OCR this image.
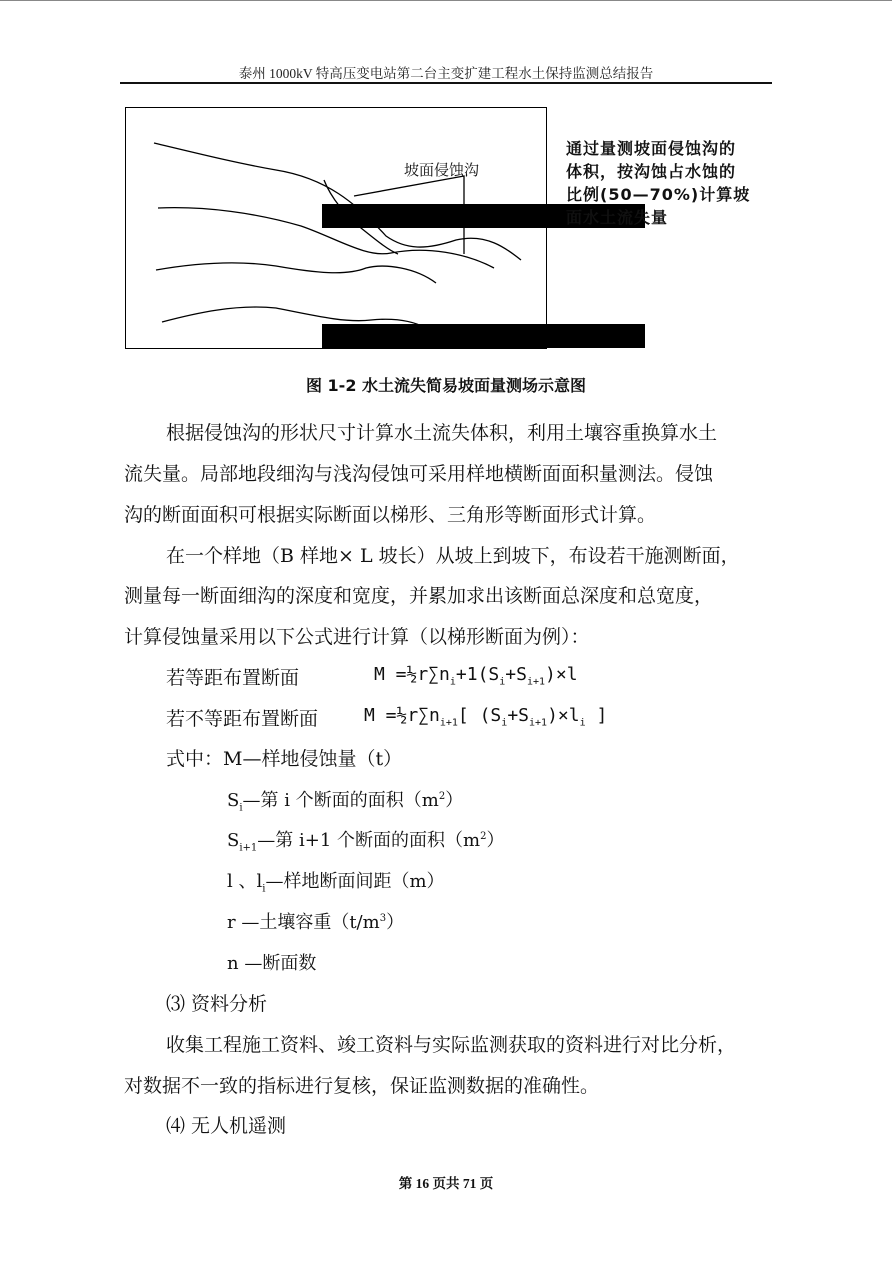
泰州 1000kV 特高压变电站第二台主变扩建工程水土保持监测总结报告
坡面侵蚀沟
通过量测坡面侵蚀沟的体积，按沟蚀占水蚀的比例(50—70%)计算坡面水土流失量
图 1-2 水土流失简易坡面量测场示意图
根据侵蚀沟的形状尺寸计算水土流失体积，利用土壤容重换算水土
流失量。局部地段细沟与浅沟侵蚀可采用样地横断面面积量测法。侵蚀
沟的断面面积可根据实际断面以梯形、三角形等断面形式计算。
在一个样地（B 样地× L 坡长）从坡上到坡下，布设若干施测断面，
测量每一断面细沟的深度和宽度，并累加求出该断面总深度和总宽度，
计算侵蚀量采用以下公式进行计算（以梯形断面为例）：
若等距布置断面	$M =\frac{1}{2}r\sum n_i+1(S_i+S_{i+1})\times l$
若不等距布置断面	$M =\frac{1}{2}r\sum n_{i+1}$[ $(S_i+S_{i+1})\times l_i$ ]
式中：M—样地侵蚀量（t）
$S_i—$第 i 个断面的面积$(m^2)$
$S_{i+1}—$第 i+1 个断面的面积$(m^2)$
l 、$l_i—$样地断面间距（m）
r —土壤容重$(t/m^3)$
n —断面数
⑶ 资料分析
收集工程施工资料、竣工资料与实际监测获取的资料进行对比分析，
对数据不一致的指标进行复核，保证监测数据的准确性。
⑷ 无人机遥测
第 16 页共 71 页
